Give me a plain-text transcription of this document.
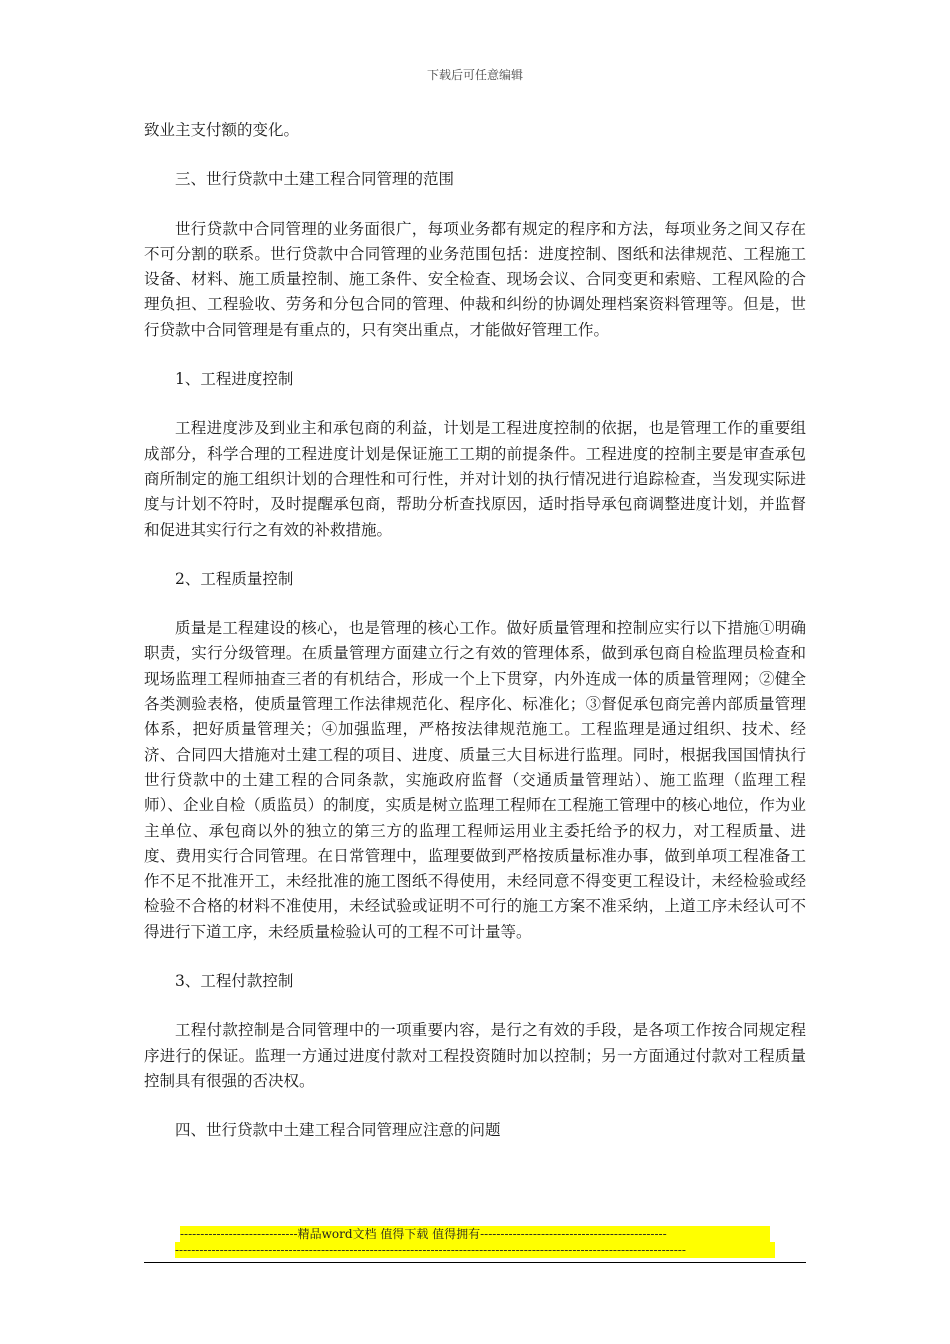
下载后可任意编辑

致业主支付额的变化。

三、世行贷款中土建工程合同管理的范围

世行贷款中合同管理的业务面很广，每项业务都有规定的程序和方法，每项业务之间又存在不可分割的联系。世行贷款中合同管理的业务范围包括：进度控制、图纸和法律规范、工程施工设备、材料、施工质量控制、施工条件、安全检查、现场会议、合同变更和索赔、工程风险的合理负担、工程验收、劳务和分包合同的管理、仲裁和纠纷的协调处理档案资料管理等。但是，世行贷款中合同管理是有重点的，只有突出重点，才能做好管理工作。

1、工程进度控制

工程进度涉及到业主和承包商的利益，计划是工程进度控制的依据，也是管理工作的重要组成部分，科学合理的工程进度计划是保证施工工期的前提条件。工程进度的控制主要是审查承包商所制定的施工组织计划的合理性和可行性，并对计划的执行情况进行追踪检查，当发现实际进度与计划不符时，及时提醒承包商，帮助分析查找原因，适时指导承包商调整进度计划，并监督和促进其实行行之有效的补救措施。

2、工程质量控制

质量是工程建设的核心，也是管理的核心工作。做好质量管理和控制应实行以下措施①明确职责，实行分级管理。在质量管理方面建立行之有效的管理体系，做到承包商自检监理员检查和现场监理工程师抽查三者的有机结合，形成一个上下贯穿，内外连成一体的质量管理网；②健全各类测验表格，使质量管理工作法律规范化、程序化、标准化；③督促承包商完善内部质量管理体系，把好质量管理关；④加强监理，严格按法律规范施工。工程监理是通过组织、技术、经济、合同四大措施对土建工程的项目、进度、质量三大目标进行监理。同时，根据我国国情执行世行贷款中的土建工程的合同条款，实施政府监督（交通质量管理站）、施工监理（监理工程师）、企业自检（质监员）的制度，实质是树立监理工程师在工程施工管理中的核心地位，作为业主单位、承包商以外的独立的第三方的监理工程师运用业主委托给予的权力，对工程质量、进度、费用实行合同管理。在日常管理中，监理要做到严格按质量标准办事，做到单项工程准备工作不足不批准开工，未经批准的施工图纸不得使用，未经同意不得变更工程设计，未经检验或经检验不合格的材料不准使用，未经试验或证明不可行的施工方案不准采纳，上道工序未经认可不得进行下道工序，未经质量检验认可的工程不可计量等。

3、工程付款控制

工程付款控制是合同管理中的一项重要内容，是行之有效的手段，是各项工作按合同规定程序进行的保证。监理一方通过进度付款对工程投资随时加以控制；另一方面通过付款对工程质量控制具有很强的否决权。

四、世行贷款中土建工程合同管理应注意的问题

-----------------------------精品word文档 值得下载 值得拥有----------------------------------------------
------------------------------------------------------------------------------------------------------------------------------
